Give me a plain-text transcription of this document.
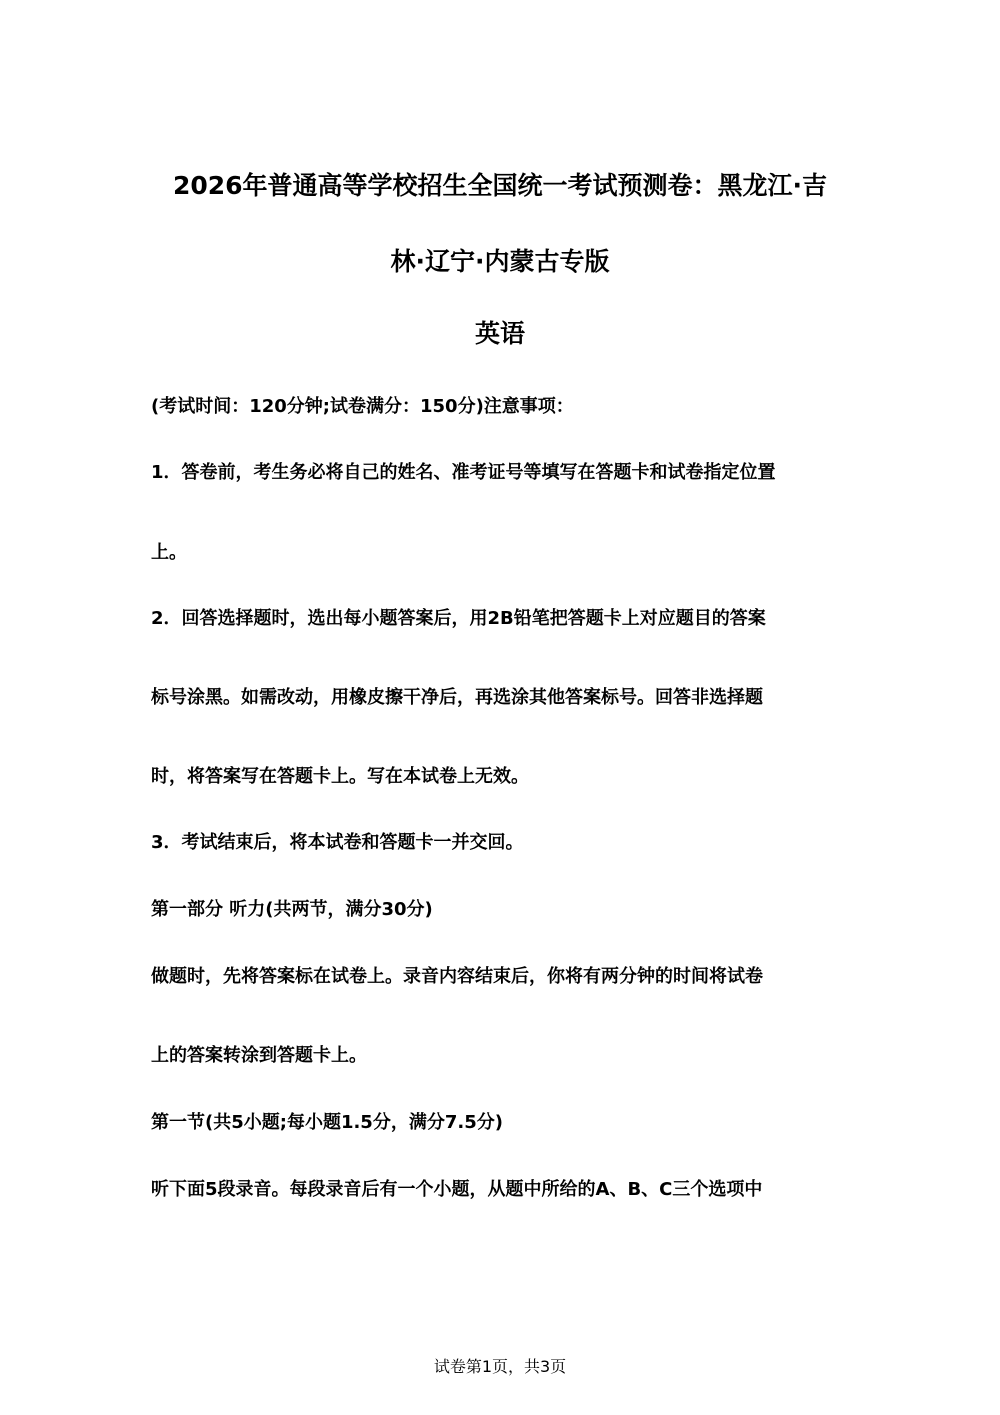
2026年普通高等学校招生全国统一考试预测卷：黑龙江·吉
林·辽宁·内蒙古专版
英语
(考试时间：120分钟;试卷满分：150分)注意事项：
1．答卷前，考生务必将自己的姓名、准考证号等填写在答题卡和试卷指定位置
上。
2．回答选择题时，选出每小题答案后，用2B铅笔把答题卡上对应题目的答案
标号涂黑。如需改动，用橡皮擦干净后，再选涂其他答案标号。回答非选择题
时，将答案写在答题卡上。写在本试卷上无效。
3．考试结束后，将本试卷和答题卡一并交回。
第一部分 听力(共两节，满分30分)
做题时，先将答案标在试卷上。录音内容结束后，你将有两分钟的时间将试卷
上的答案转涂到答题卡上。
第一节(共5小题;每小题1.5分，满分7.5分)
听下面5段录音。每段录音后有一个小题，从题中所给的A、B、C三个选项中
试卷第1页，共3页
